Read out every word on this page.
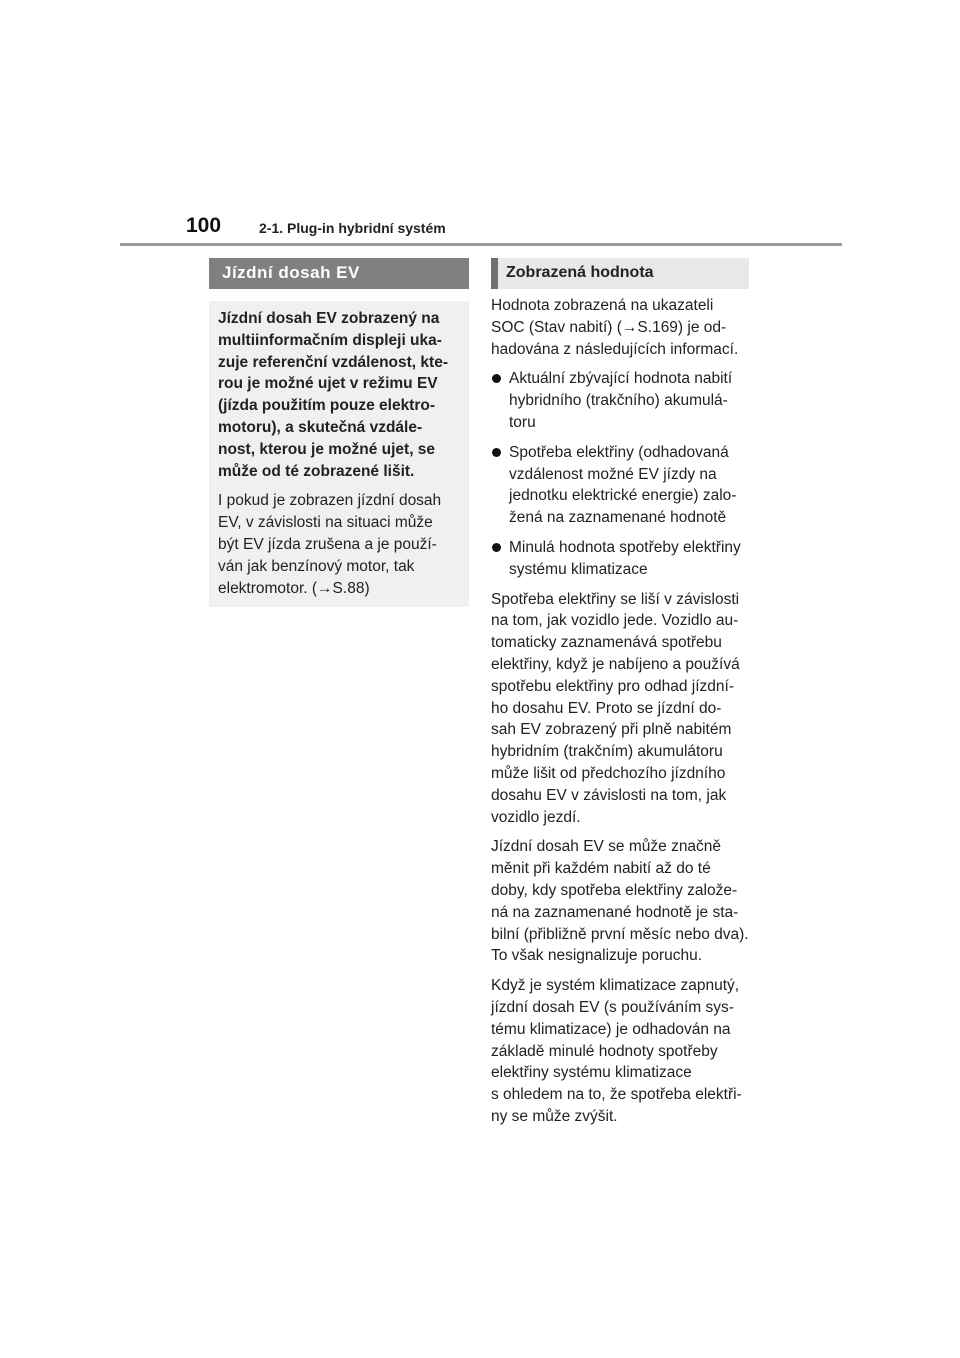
100	2-1. Plug-in hybridní systém
Jízdní dosah EV

Jízdní dosah EV zobrazený na
multiinformačním displeji uka-
zuje referenční vzdálenost, kte-
rou je možné ujet v režimu EV
(jízda použitím pouze elektro-
motoru), a skutečná vzdále-
nost, kterou je možné ujet, se
může od té zobrazené lišit.

I pokud je zobrazen jízdní dosah
EV, v závislosti na situaci může
být EV jízda zrušena a je použí-
ván jak benzínový motor, tak
elektromotor. (→S.88)

Zobrazená hodnota

Hodnota zobrazená na ukazateli
SOC (Stav nabití) (→S.169) je od-
hadována z následujících informací.

Aktuální zbývající hodnota nabití
hybridního (trakčního) akumulá-
toru
Spotřeba elektřiny (odhadovaná
vzdálenost možné EV jízdy na
jednotku elektrické energie) zalo-
žená na zaznamenané hodnotě
Minulá hodnota spotřeby elektřiny
systému klimatizace

Spotřeba elektřiny se liší v závislosti
na tom, jak vozidlo jede. Vozidlo au-
tomaticky zaznamenává spotřebu
elektřiny, když je nabíjeno a používá
spotřebu elektřiny pro odhad jízdní-
ho dosahu EV. Proto se jízdní do-
sah EV zobrazený při plně nabitém
hybridním (trakčním) akumulátoru
může lišit od předchozího jízdního
dosahu EV v závislosti na tom, jak
vozidlo jezdí.

Jízdní dosah EV se může značně
měnit při každém nabití až do té
doby, kdy spotřeba elektřiny založe-
ná na zaznamenané hodnotě je sta-
bilní (přibližně první měsíc nebo dva).
To však nesignalizuje poruchu.

Když je systém klimatizace zapnutý,
jízdní dosah EV (s používáním sys-
tému klimatizace) je odhadován na
základě minulé hodnoty spotřeby
elektřiny systému klimatizace
s ohledem na to, že spotřeba elektři-
ny se může zvýšit.
